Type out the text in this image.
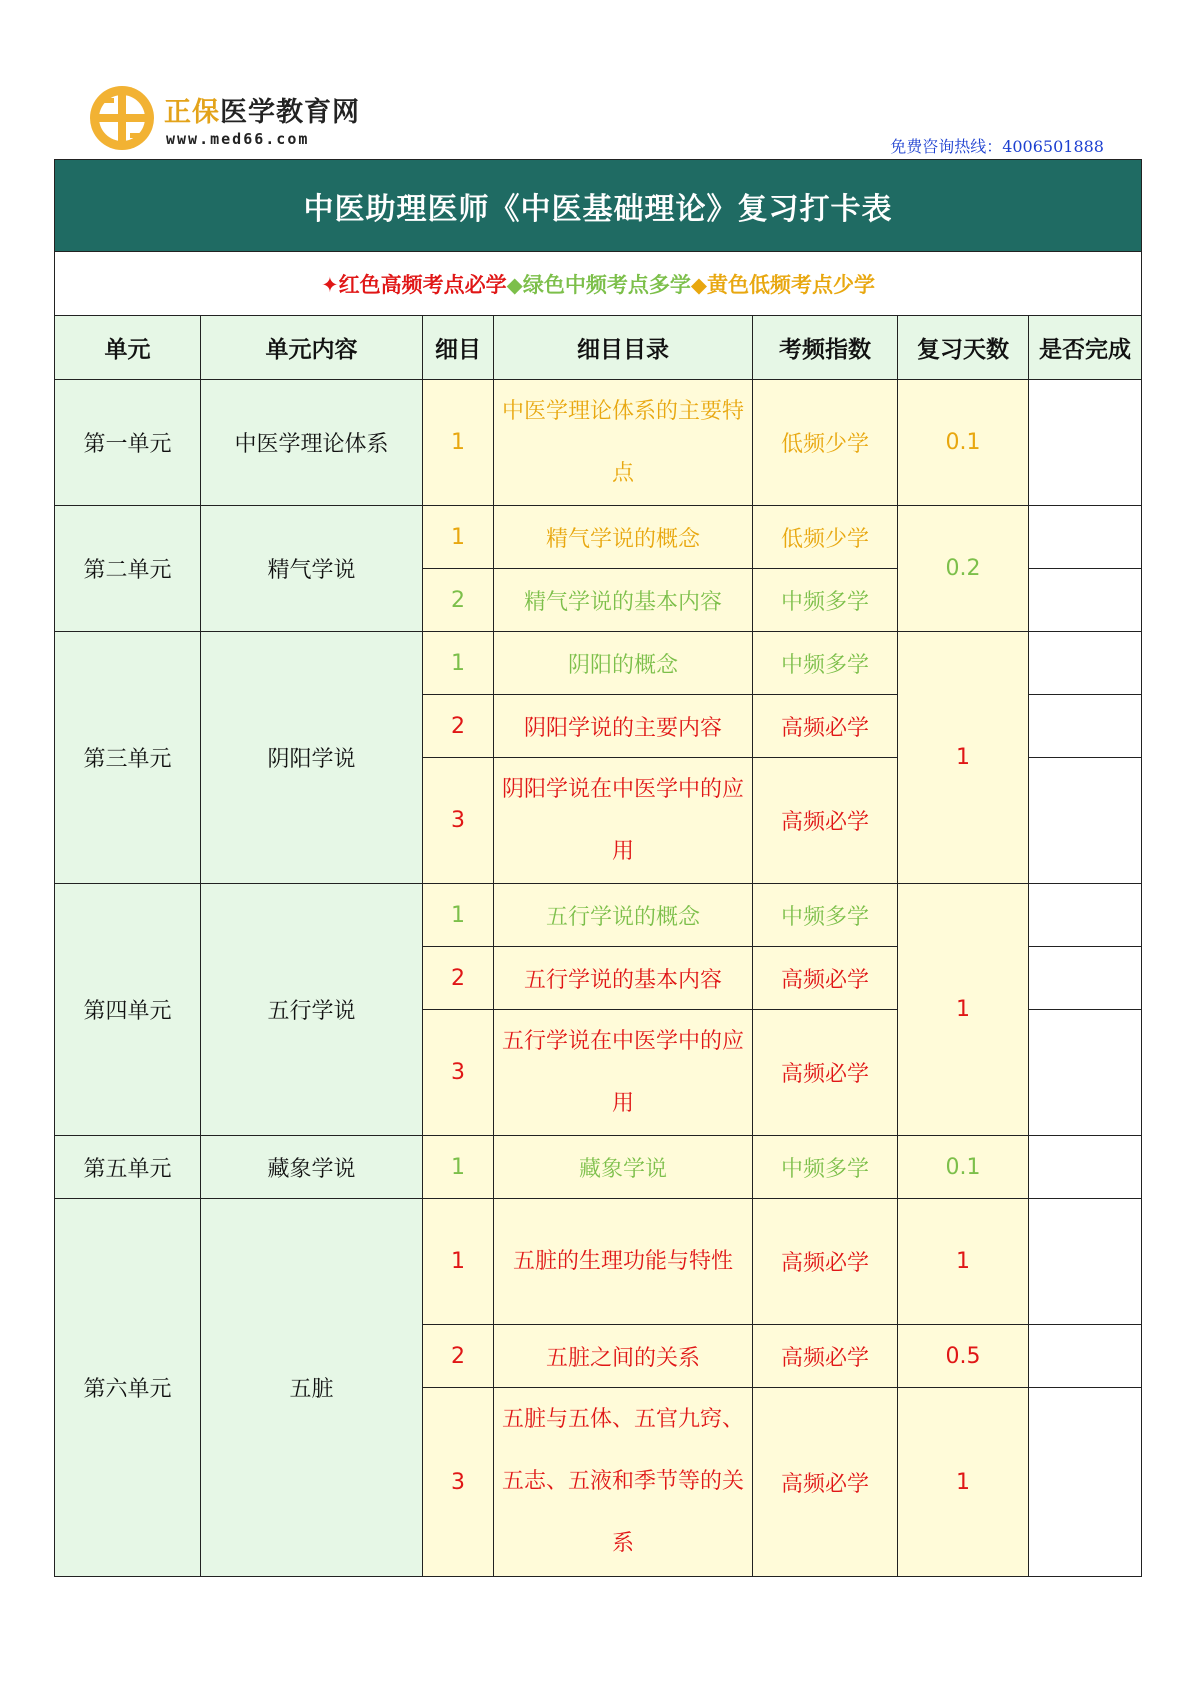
正保医学教育网
www.med66.com	免费咨询热线：4006501888
中医助理医师《中医基础理论》复习打卡表						
✦红色高频考点必学◆绿色中频考点多学◆黄色低频考点少学						
单元	单元内容	细目	细目目录	考频指数	复习天数	是否完成
第一单元	中医学理论体系	1	中医学理论体系的主要特点	低频少学	0.1	
第二单元	精气学说	1	精气学说的概念	低频少学	0.2	
		2	精气学说的基本内容	中频多学		
第三单元	阴阳学说	1	阴阳的概念	中频多学	1	
		2	阴阳学说的主要内容	高频必学		
		3	阴阳学说在中医学中的应用	高频必学		
第四单元	五行学说	1	五行学说的概念	中频多学	1	
		2	五行学说的基本内容	高频必学		
		3	五行学说在中医学中的应用	高频必学		
第五单元	藏象学说	1	藏象学说	中频多学	0.1	
第六单元	五脏	1	五脏的生理功能与特性	高频必学	1	
		2	五脏之间的关系	高频必学	0.5	
		3	五脏与五体、五官九窍、五志、五液和季节等的关系	高频必学	1	
